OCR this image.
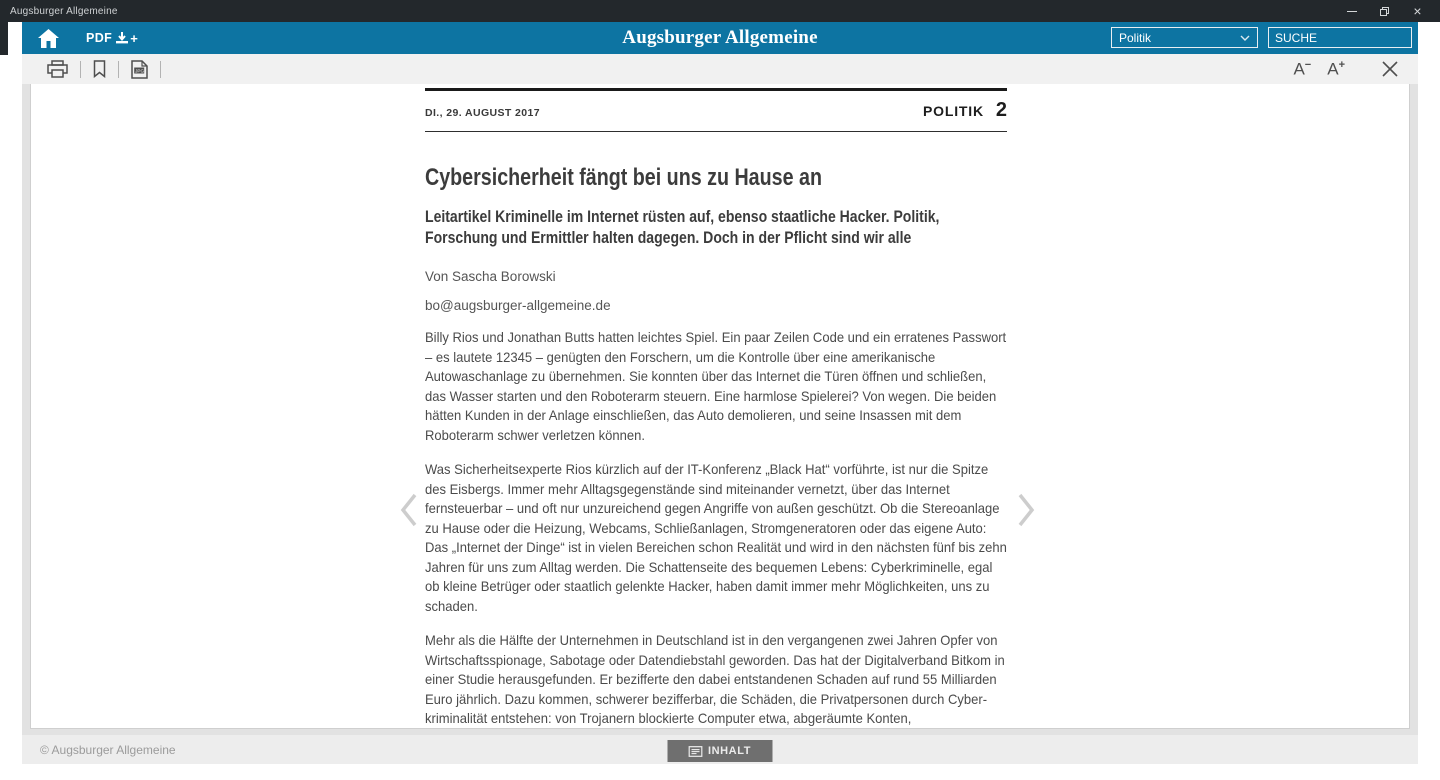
Augsburger Allgemeine	×
PDF +	Augsburger Allgemeine	Politik
SUCHE
JPG	A− A+
DI., 29. AUGUST 2017	POLITIK 2
Cybersicherheit fängt bei uns zu Hause an
Leitartikel Kriminelle im Internet rüsten auf, ebenso staatliche Hacker. Politik, Forschung und Ermittler halten dagegen. Doch in der Pflicht sind wir alle
Von Sascha Borowski
bo@augsburger-allgemeine.de

Billy Rios und Jonathan Butts hatten leichtes Spiel. Ein paar Zeilen Code und ein erratenes Passwort – es lautete 12345 – genügten den Forschern, um die Kontrolle über eine amerikanische Autowaschanlage zu übernehmen. Sie konnten über das Internet die Türen öffnen und schließen, das Wasser starten und den Roboterarm steuern. Eine harmlose Spielerei? Von wegen. Die beiden hätten Kunden in der Anlage einschließen, das Auto demolieren, und seine Insassen mit dem Roboterarm schwer verletzen können.

Was Sicherheitsexperte Rios kürzlich auf der IT-Konferenz „Black Hat“ vorführte, ist nur die Spitze des Eisbergs. Immer mehr Alltagsgegenstände sind miteinander vernetzt, über das Internet fernsteuerbar – und oft nur unzureichend gegen Angriffe von außen geschützt. Ob die Stereoanlage zu Hause oder die Heizung, Webcams, Schließanlagen, Stromgeneratoren oder das eigene Auto: Das „Internet der Dinge“ ist in vielen Bereichen schon Realität und wird in den nächsten fünf bis zehn Jahren für uns zum Alltag werden. Die Schattenseite des bequemen Lebens: Cyberkriminelle, egal ob kleine Betrüger oder staatlich gelenkte Hacker, haben damit immer mehr Möglichkeiten, uns zu schaden.

Mehr als die Hälfte der Unternehmen in Deutschland ist in den vergangenen zwei Jahren Opfer von Wirtschaftsspionage, Sabotage oder Datendiebstahl geworden. Das hat der Digitalverband Bitkom in einer Studie herausgefunden. Er bezifferte den dabei entstandenen Schaden auf rund 55 Milliarden Euro jährlich. Dazu kommen, schwerer bezifferbar, die Schäden, die Privatpersonen durch Cyber-kriminalität entstehen: von Trojanern blockierte Computer etwa, abgeräumte Konten,

© Augsburger Allgemeine	INHALT
